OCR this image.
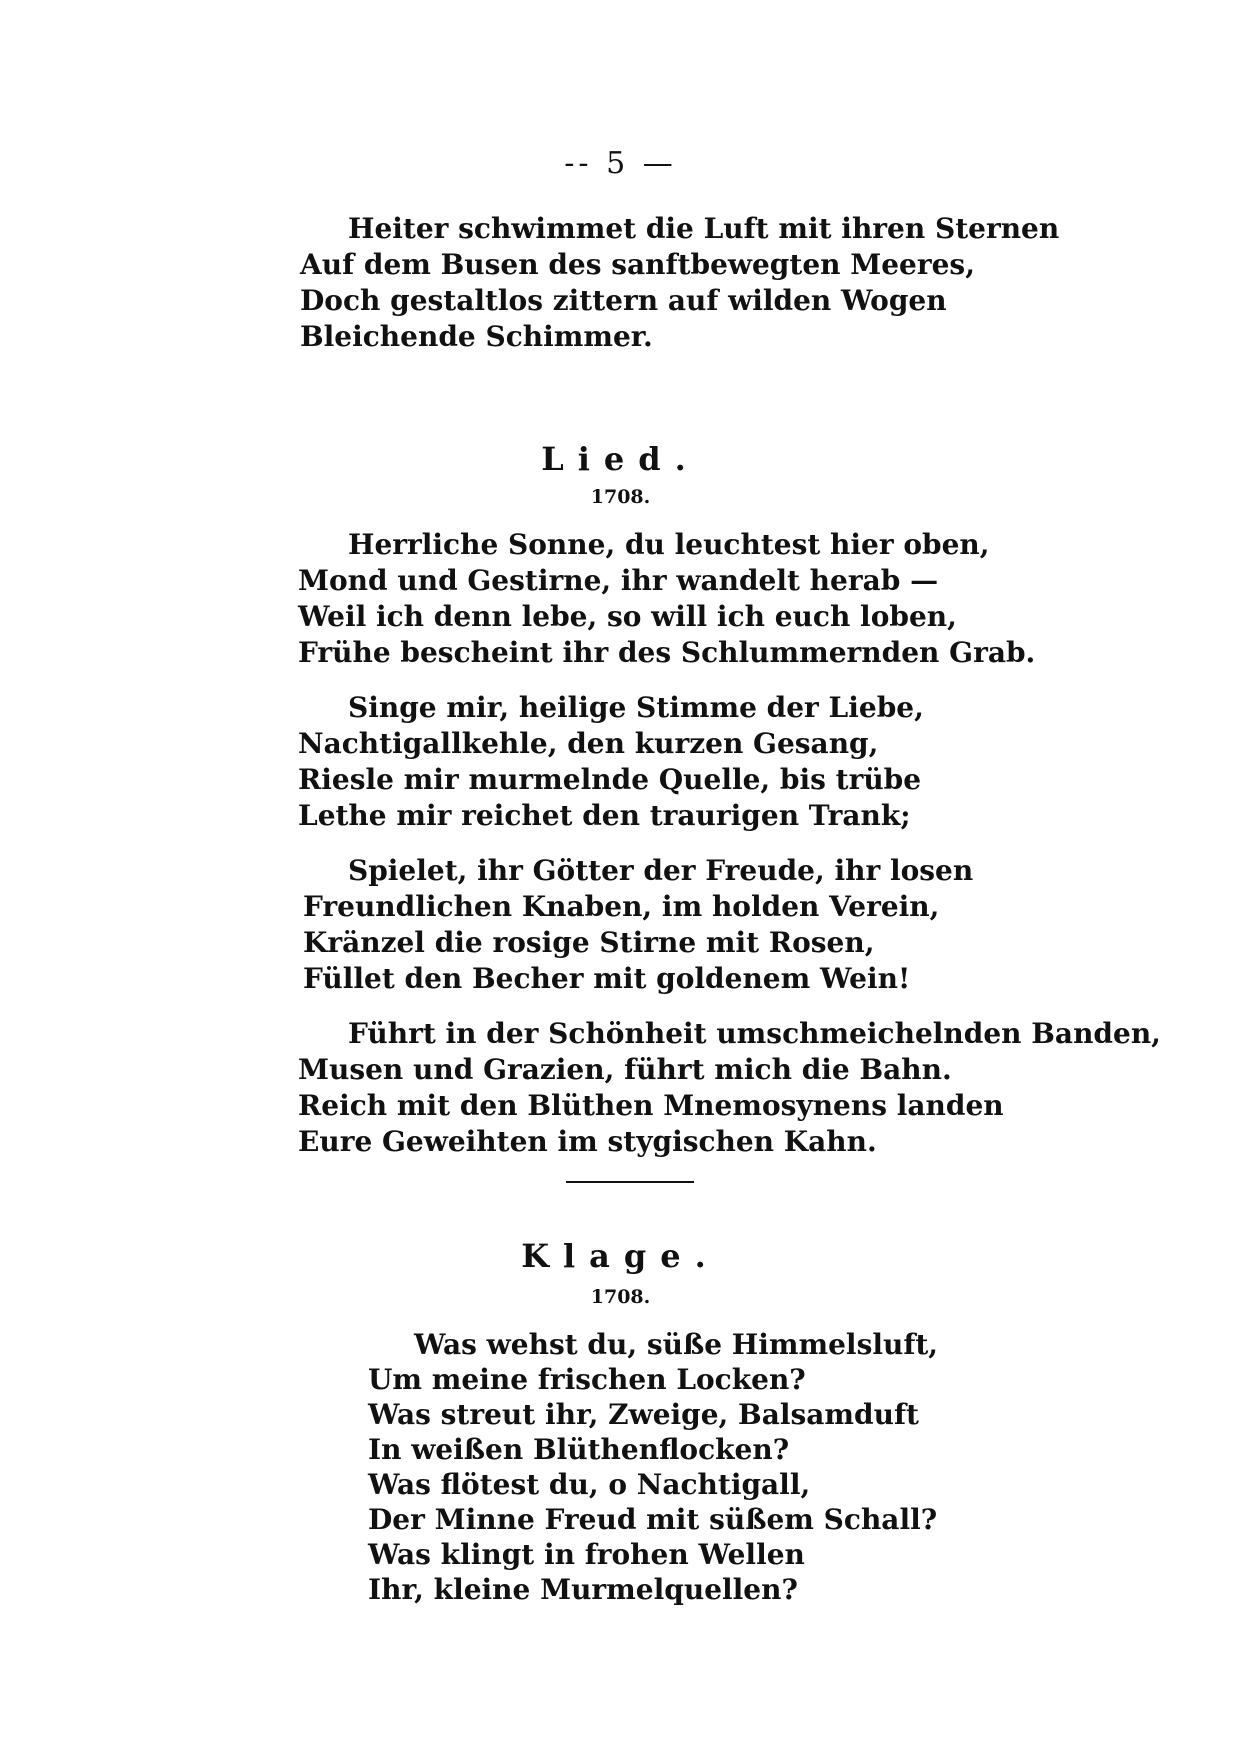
-- 5 —
Heiter schwimmet die Luft mit ihren Sternen
Auf dem Busen des sanftbewegten Meeres,
Doch gestaltlos zittern auf wilden Wogen
Bleichende Schimmer.
Lied.
1708.
Herrliche Sonne, du leuchtest hier oben,
Mond und Gestirne, ihr wandelt herab —
Weil ich denn lebe, so will ich euch loben,
Frühe bescheint ihr des Schlummernden Grab.
Singe mir, heilige Stimme der Liebe,
Nachtigallkehle, den kurzen Gesang,
Riesle mir murmelnde Quelle, bis trübe
Lethe mir reichet den traurigen Trank;
Spielet, ihr Götter der Freude, ihr losen
Freundlichen Knaben, im holden Verein,
Kränzel die rosige Stirne mit Rosen,
Füllet den Becher mit goldenem Wein!
Führt in der Schönheit umschmeichelnden Banden,
Musen und Grazien, führt mich die Bahn.
Reich mit den Blüthen Mnemosynens landen
Eure Geweihten im stygischen Kahn.
Klage.
1708.
Was wehst du, süße Himmelsluft,
Um meine frischen Locken?
Was streut ihr, Zweige, Balsamduft
In weißen Blüthenflocken?
Was flötest du, o Nachtigall,
Der Minne Freud mit süßem Schall?
Was klingt in frohen Wellen
Ihr, kleine Murmelquellen?
